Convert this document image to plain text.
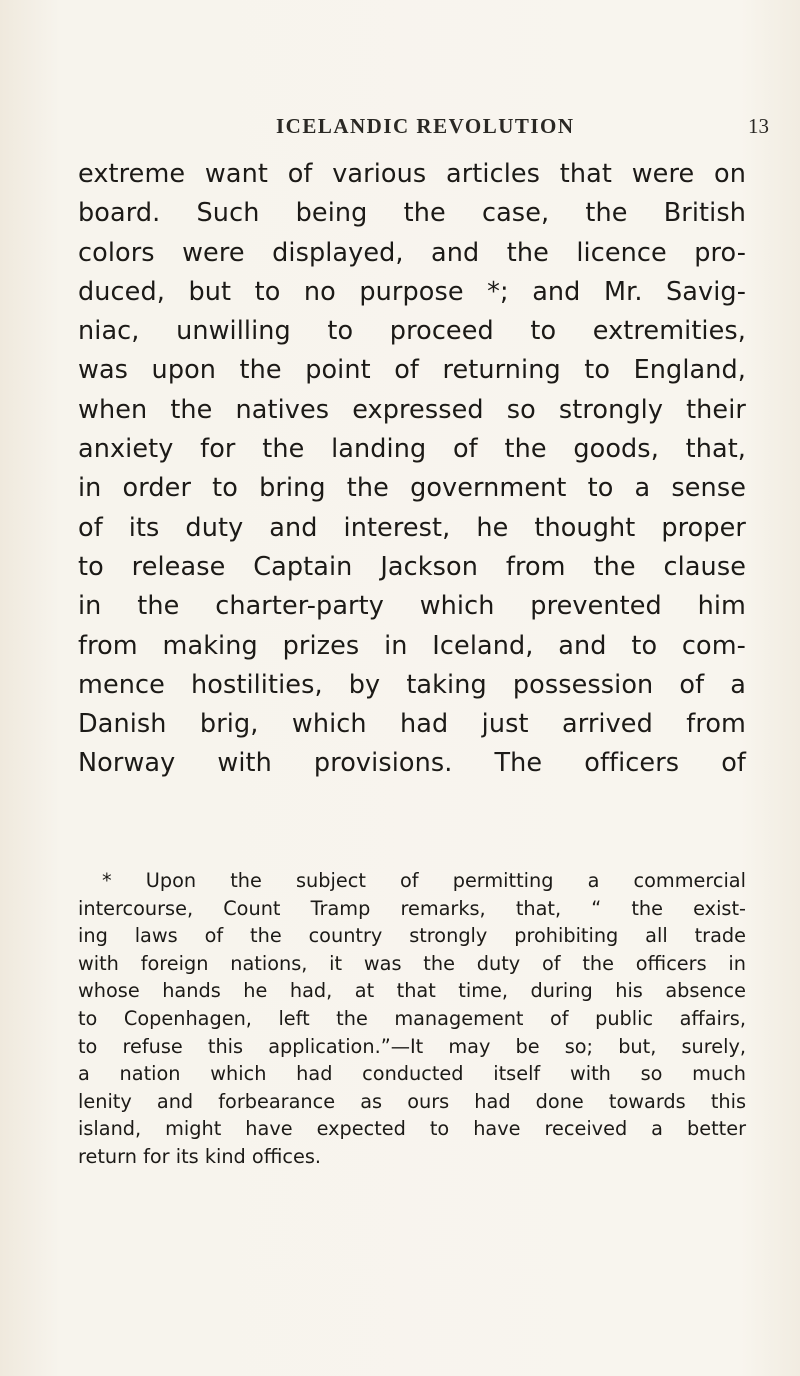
ICELANDIC REVOLUTION	13
extreme want of various articles that were on
board. Such being the case, the British
colors were displayed, and the licence pro-
duced, but to no purpose *; and Mr. Savig-
niac, unwilling to proceed to extremities,
was upon the point of returning to England,
when the natives expressed so strongly their
anxiety for the landing of the goods, that,
in order to bring the government to a sense
of its duty and interest, he thought proper
to release Captain Jackson from the clause
in the charter-party which prevented him
from making prizes in Iceland, and to com-
mence hostilities, by taking possession of a
Danish brig, which had just arrived from
Norway with provisions. The officers of
* Upon the subject of permitting a commercial
intercourse, Count Tramp remarks, that, “ the exist-
ing laws of the country strongly prohibiting all trade
with foreign nations, it was the duty of the officers in
whose hands he had, at that time, during his absence
to Copenhagen, left the management of public affairs,
to refuse this application.”—It may be so; but, surely,
a nation which had conducted itself with so much
lenity and forbearance as ours had done towards this
island, might have expected to have received a better
return for its kind offices.
